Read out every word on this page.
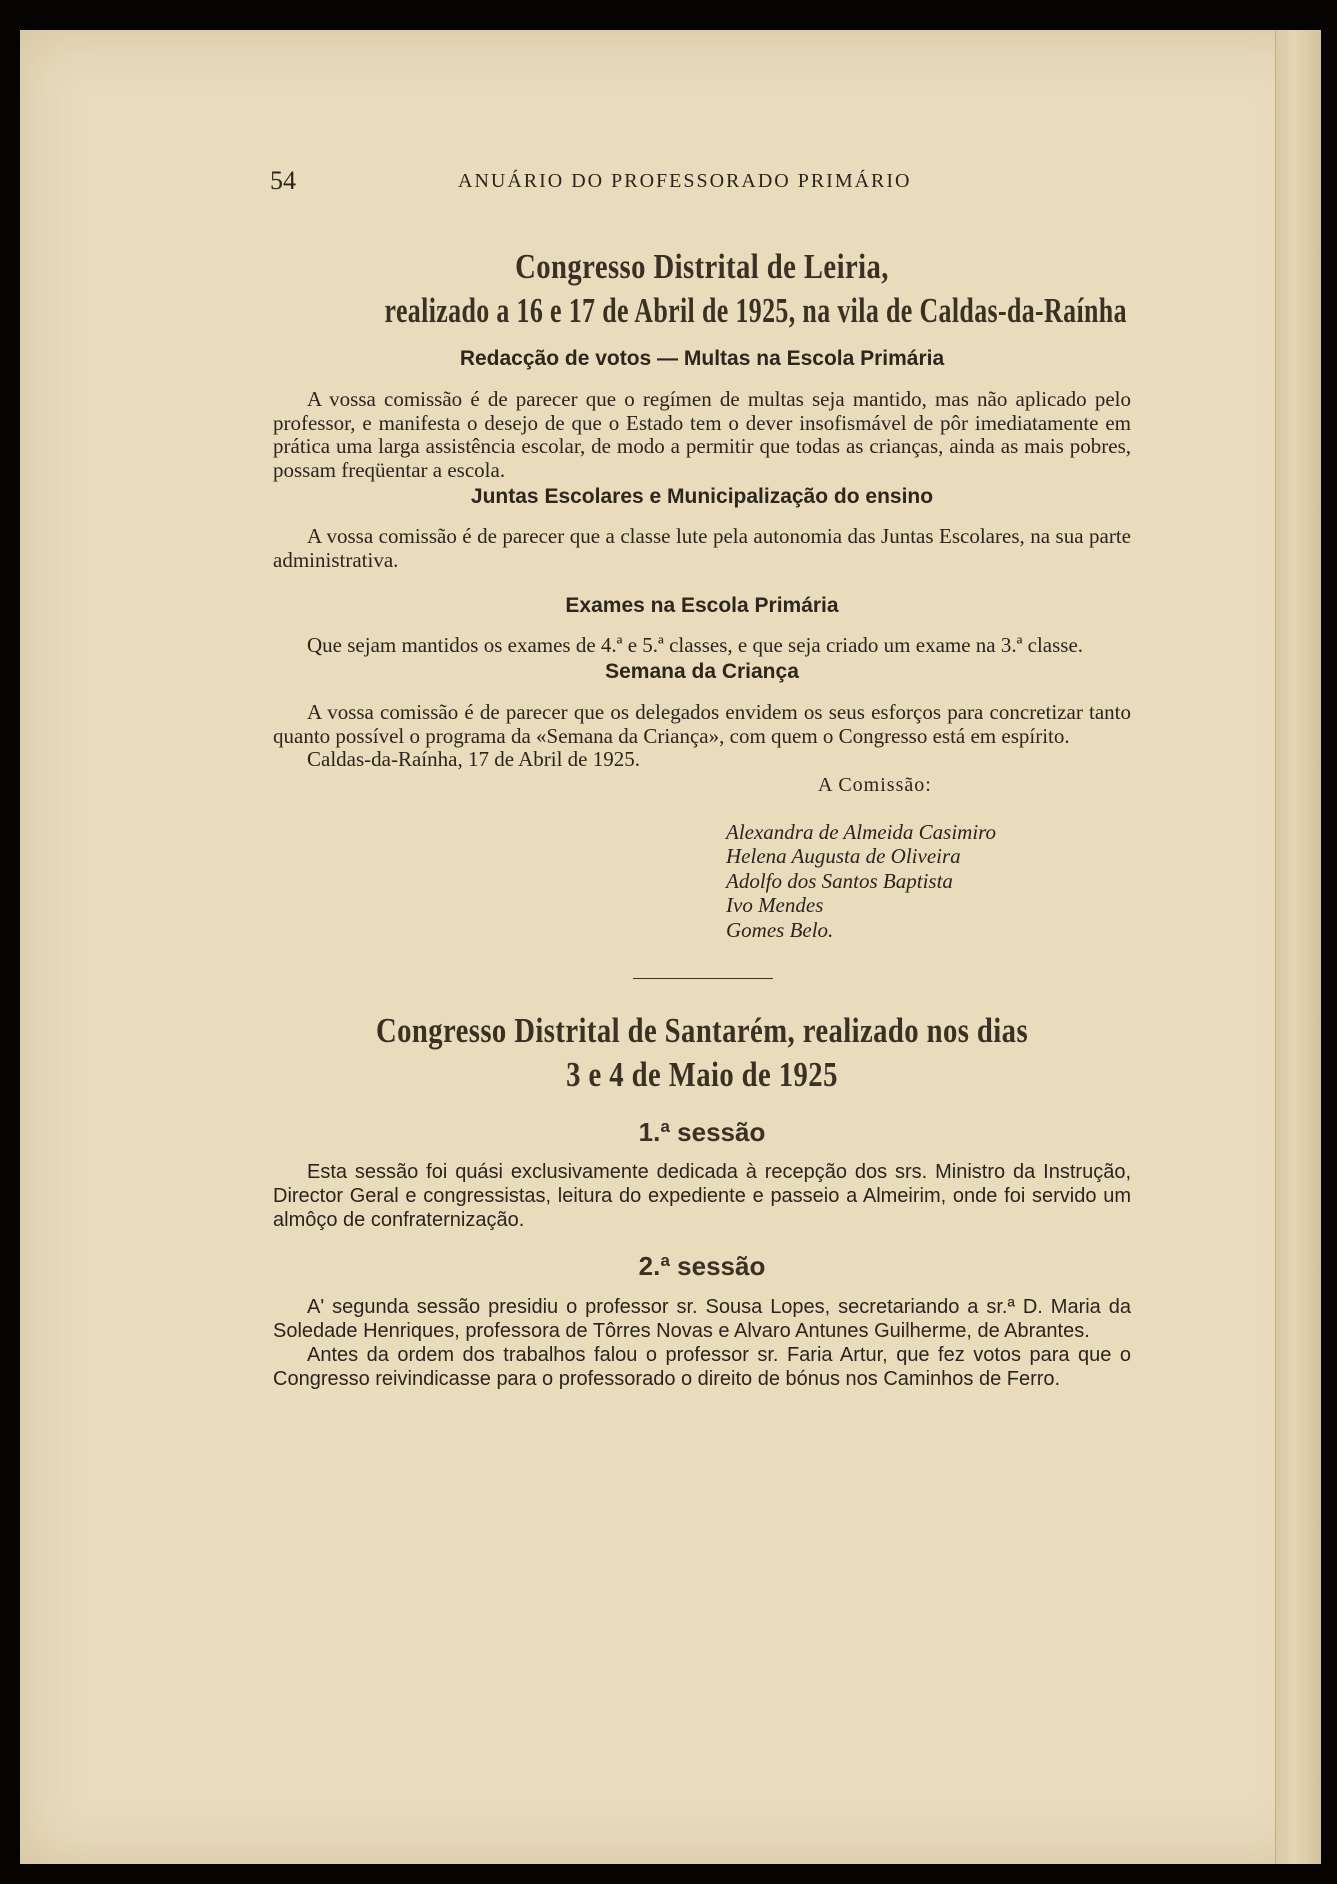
54	ANUÁRIO DO PROFESSORADO PRIMÁRIO
Congresso Distrital de Leiria,
realizado a 16 e 17 de Abril de 1925, na vila de Caldas-da-Raínha

Redacção de votos — Multas na Escola Primária

A vossa comissão é de parecer que o regímen de multas seja mantido, mas não aplicado pelo professor, e manifesta o desejo de que o Estado tem o dever insofismável de pôr imediatamente em prática uma larga assistência escolar, de modo a permitir que todas as crianças, ainda as mais pobres, possam freqüentar a escola.

Juntas Escolares e Municipalização do ensino

A vossa comissão é de parecer que a classe lute pela autonomia das Juntas Escolares, na sua parte administrativa.

Exames na Escola Primária

Que sejam mantidos os exames de 4.ª e 5.ª classes, e que seja criado um exame na 3.ª classe.

Semana da Criança

A vossa comissão é de parecer que os delegados envidem os seus esforços para concretizar tanto quanto possível o programa da «Semana da Criança», com quem o Congresso está em espírito.

Caldas-da-Raínha, 17 de Abril de 1925.

A Comissão:

Alexandra de Almeida Casimiro
Helena Augusta de Oliveira
Adolfo dos Santos Baptista
Ivo Mendes
Gomes Belo.
Congresso Distrital de Santarém, realizado nos dias
3 e 4 de Maio de 1925

1.ª sessão

Esta sessão foi quási exclusivamente dedicada à recepção dos srs. Ministro da Instrução, Director Geral e congressistas, leitura do expediente e passeio a Almeirim, onde foi servido um almôço de confraternização.

2.ª sessão

A' segunda sessão presidiu o professor sr. Sousa Lopes, secretariando a sr.ª D. Maria da Soledade Henriques, professora de Tôrres Novas e Alvaro Antunes Guilherme, de Abrantes.

Antes da ordem dos trabalhos falou o professor sr. Faria Artur, que fez votos para que o Congresso reivindicasse para o professorado o direito de bónus nos Caminhos de Ferro.
